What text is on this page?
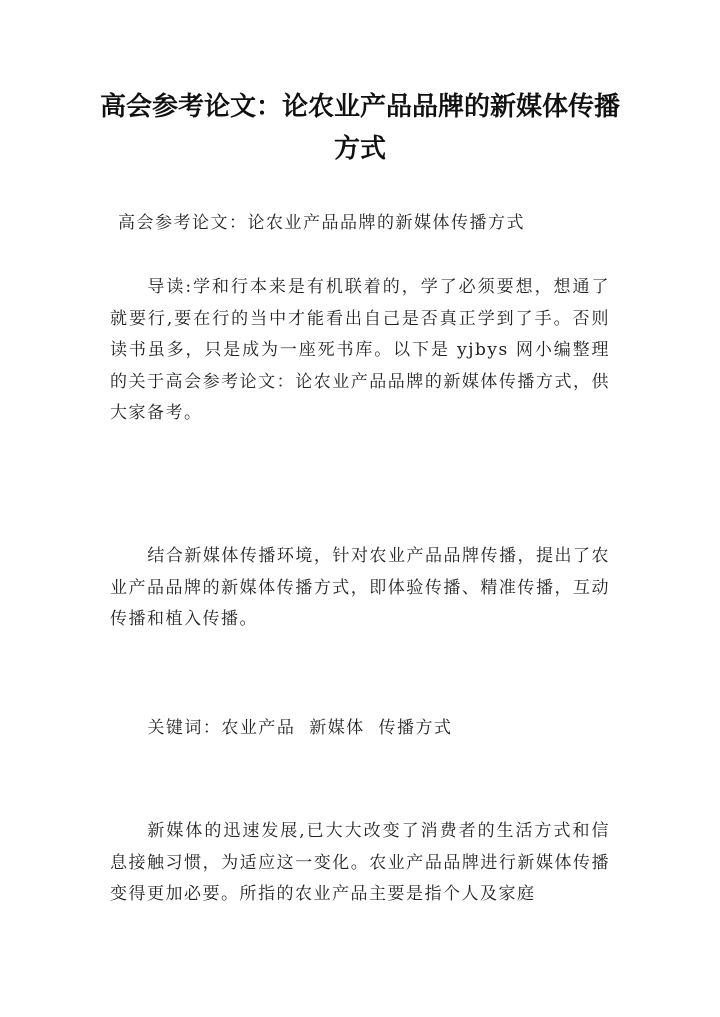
高会参考论文：论农业产品品牌的新媒体传播方式

高会参考论文：论农业产品品牌的新媒体传播方式

导读:学和行本来是有机联着的，学了必须要想，想通了就要行,要在行的当中才能看出自己是否真正学到了手。否则读书虽多，只是成为一座死书库。以下是 yjbys 网小编整理的关于高会参考论文：论农业产品品牌的新媒体传播方式，供大家备考。

结合新媒体传播环境，针对农业产品品牌传播，提出了农业产品品牌的新媒体传播方式，即体验传播、精准传播，互动传播和植入传播。

关键词：农业产品  新媒体  传播方式

新媒体的迅速发展,已大大改变了消费者的生活方式和信息接触习惯，为适应这一变化。农业产品品牌进行新媒体传播变得更加必要。所指的农业产品主要是指个人及家庭
